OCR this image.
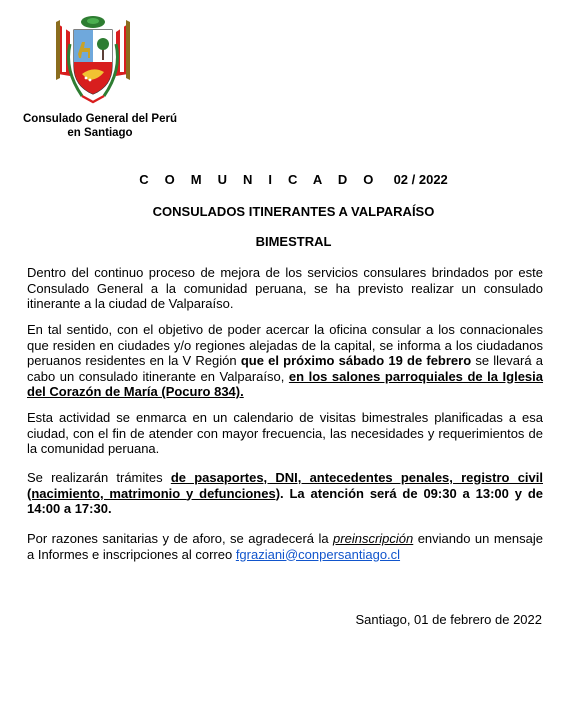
Consulado General del Perú
en Santiago
C O M U N I C A D O 02 / 2022
CONSULADOS ITINERANTES A VALPARAÍSO
BIMESTRAL
Dentro del continuo proceso de mejora de los servicios consulares brindados por este Consulado General a la comunidad peruana, se ha previsto realizar un consulado itinerante a la ciudad de Valparaíso.
En tal sentido, con el objetivo de poder acercar la oficina consular a los connacionales que residen en ciudades y/o regiones alejadas de la capital, se informa a los ciudadanos peruanos residentes en la V Región que el próximo sábado 19 de febrero se llevará a cabo un consulado itinerante en Valparaíso, en los salones parroquiales de la Iglesia del Corazón de María (Pocuro 834).
Esta actividad se enmarca en un calendario de visitas bimestrales planificadas a esa ciudad, con el fin de atender con mayor frecuencia, las necesidades y requerimientos de la comunidad peruana.
Se realizarán trámites de pasaportes, DNI, antecedentes penales, registro civil (nacimiento, matrimonio y defunciones). La atención será de 09:30 a 13:00 y de 14:00 a 17:30.
Por razones sanitarias y de aforo, se agradecerá la preinscripción enviando un mensaje a Informes e inscripciones al correo fgraziani@conpersantiago.cl
Santiago, 01 de febrero de 2022
